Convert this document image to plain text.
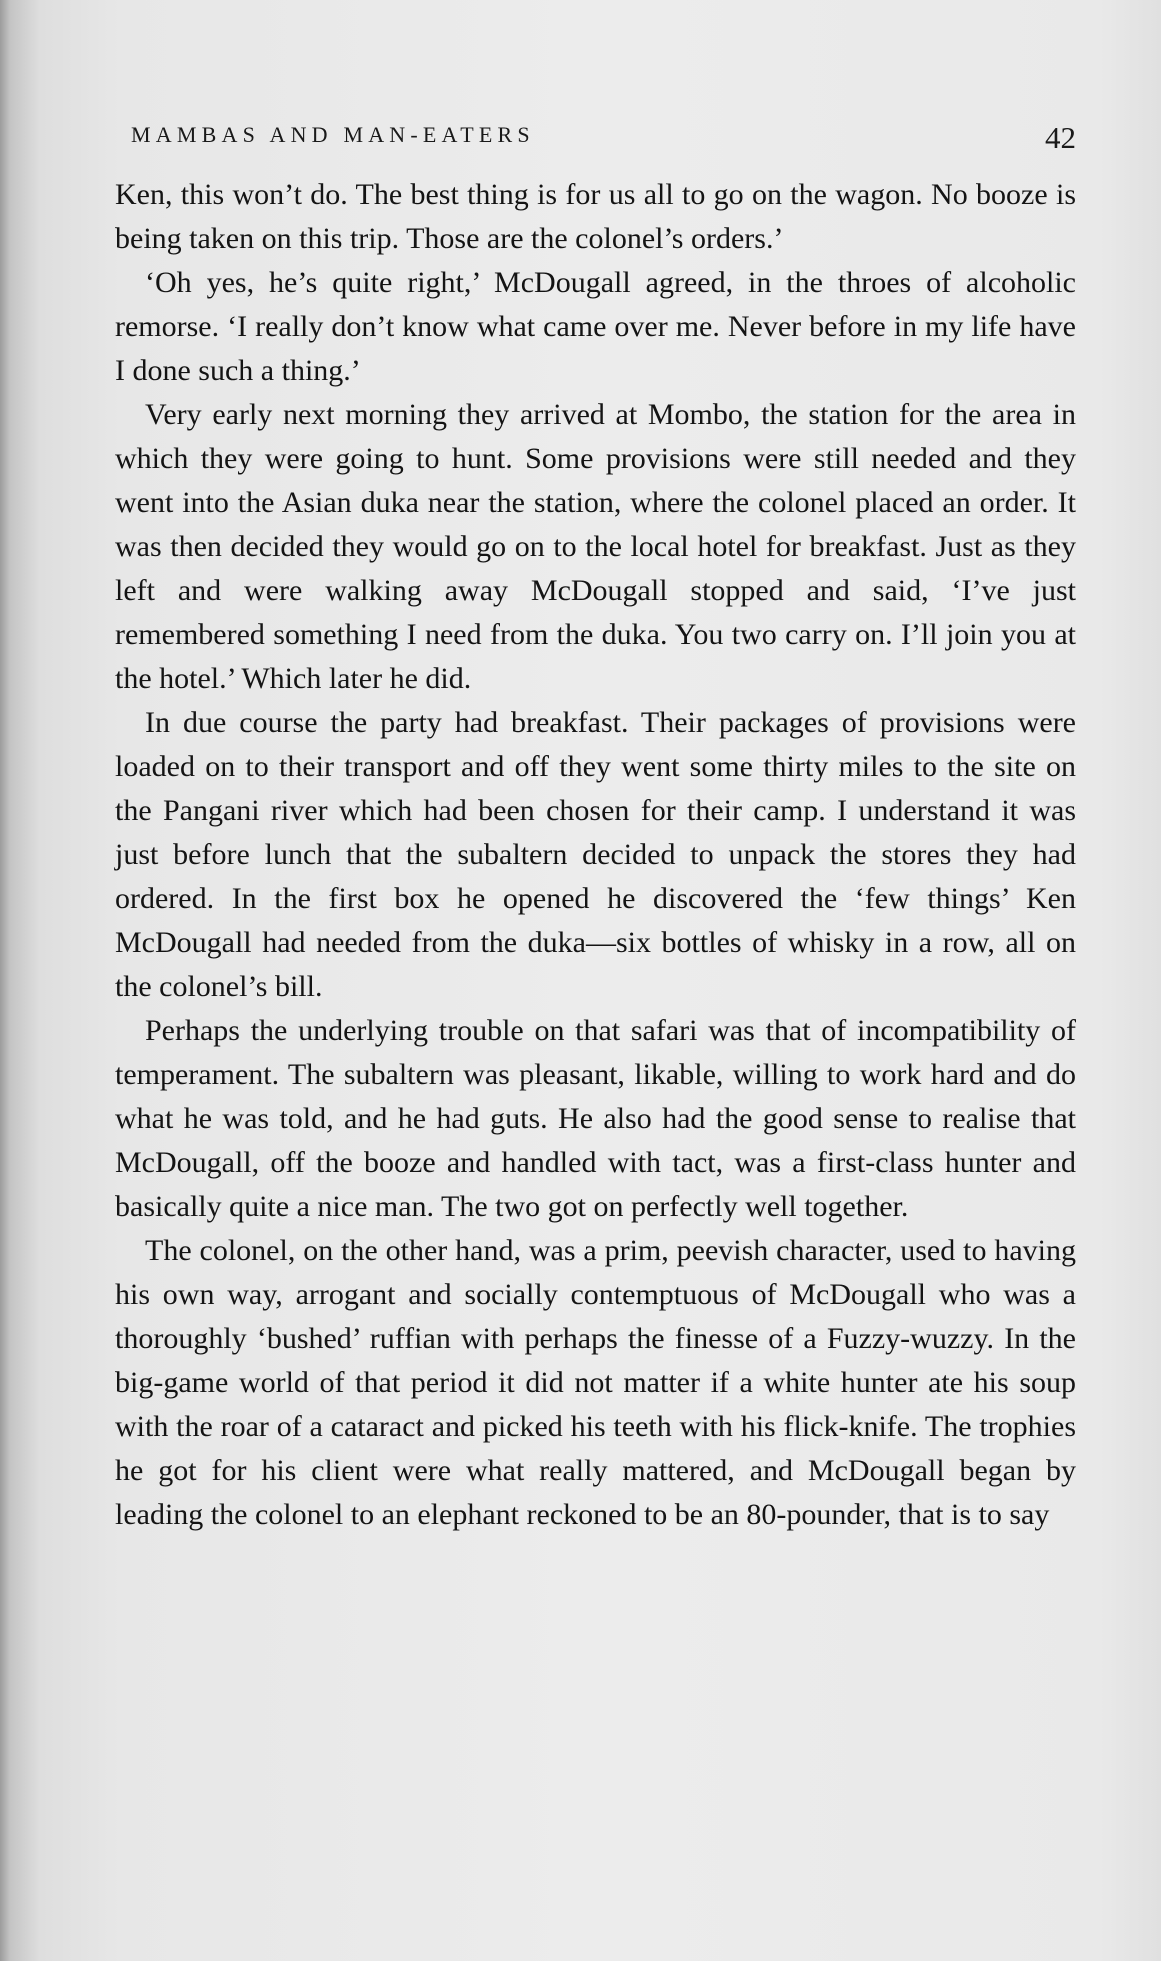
MAMBAS AND MAN-EATERS	42

Ken, this won’t do. The best thing is for us all to go on the wagon. No booze is being taken on this trip. Those are the colonel’s orders.’

‘Oh yes, he’s quite right,’ McDougall agreed, in the throes of alcoholic remorse. ‘I really don’t know what came over me. Never before in my life have I done such a thing.’

Very early next morning they arrived at Mombo, the station for the area in which they were going to hunt. Some provisions were still needed and they went into the Asian duka near the station, where the colonel placed an order. It was then decided they would go on to the local hotel for breakfast. Just as they left and were walking away McDougall stopped and said, ‘I’ve just remembered something I need from the duka. You two carry on. I’ll join you at the hotel.’ Which later he did.

In due course the party had breakfast. Their packages of provisions were loaded on to their transport and off they went some thirty miles to the site on the Pangani river which had been chosen for their camp. I understand it was just before lunch that the subaltern decided to unpack the stores they had ordered. In the first box he opened he discovered the ‘few things’ Ken McDougall had needed from the duka—six bottles of whisky in a row, all on the colonel’s bill.

Perhaps the underlying trouble on that safari was that of incompatibility of temperament. The subaltern was pleasant, likable, willing to work hard and do what he was told, and he had guts. He also had the good sense to realise that McDougall, off the booze and handled with tact, was a first-class hunter and basically quite a nice man. The two got on perfectly well together.

The colonel, on the other hand, was a prim, peevish character, used to having his own way, arrogant and socially contemptuous of McDougall who was a thoroughly ‘bushed’ ruffian with perhaps the finesse of a Fuzzy-wuzzy. In the big-game world of that period it did not matter if a white hunter ate his soup with the roar of a cataract and picked his teeth with his flick-knife. The trophies he got for his client were what really mattered, and McDougall began by leading the colonel to an elephant reckoned to be an 80-pounder, that is to say
